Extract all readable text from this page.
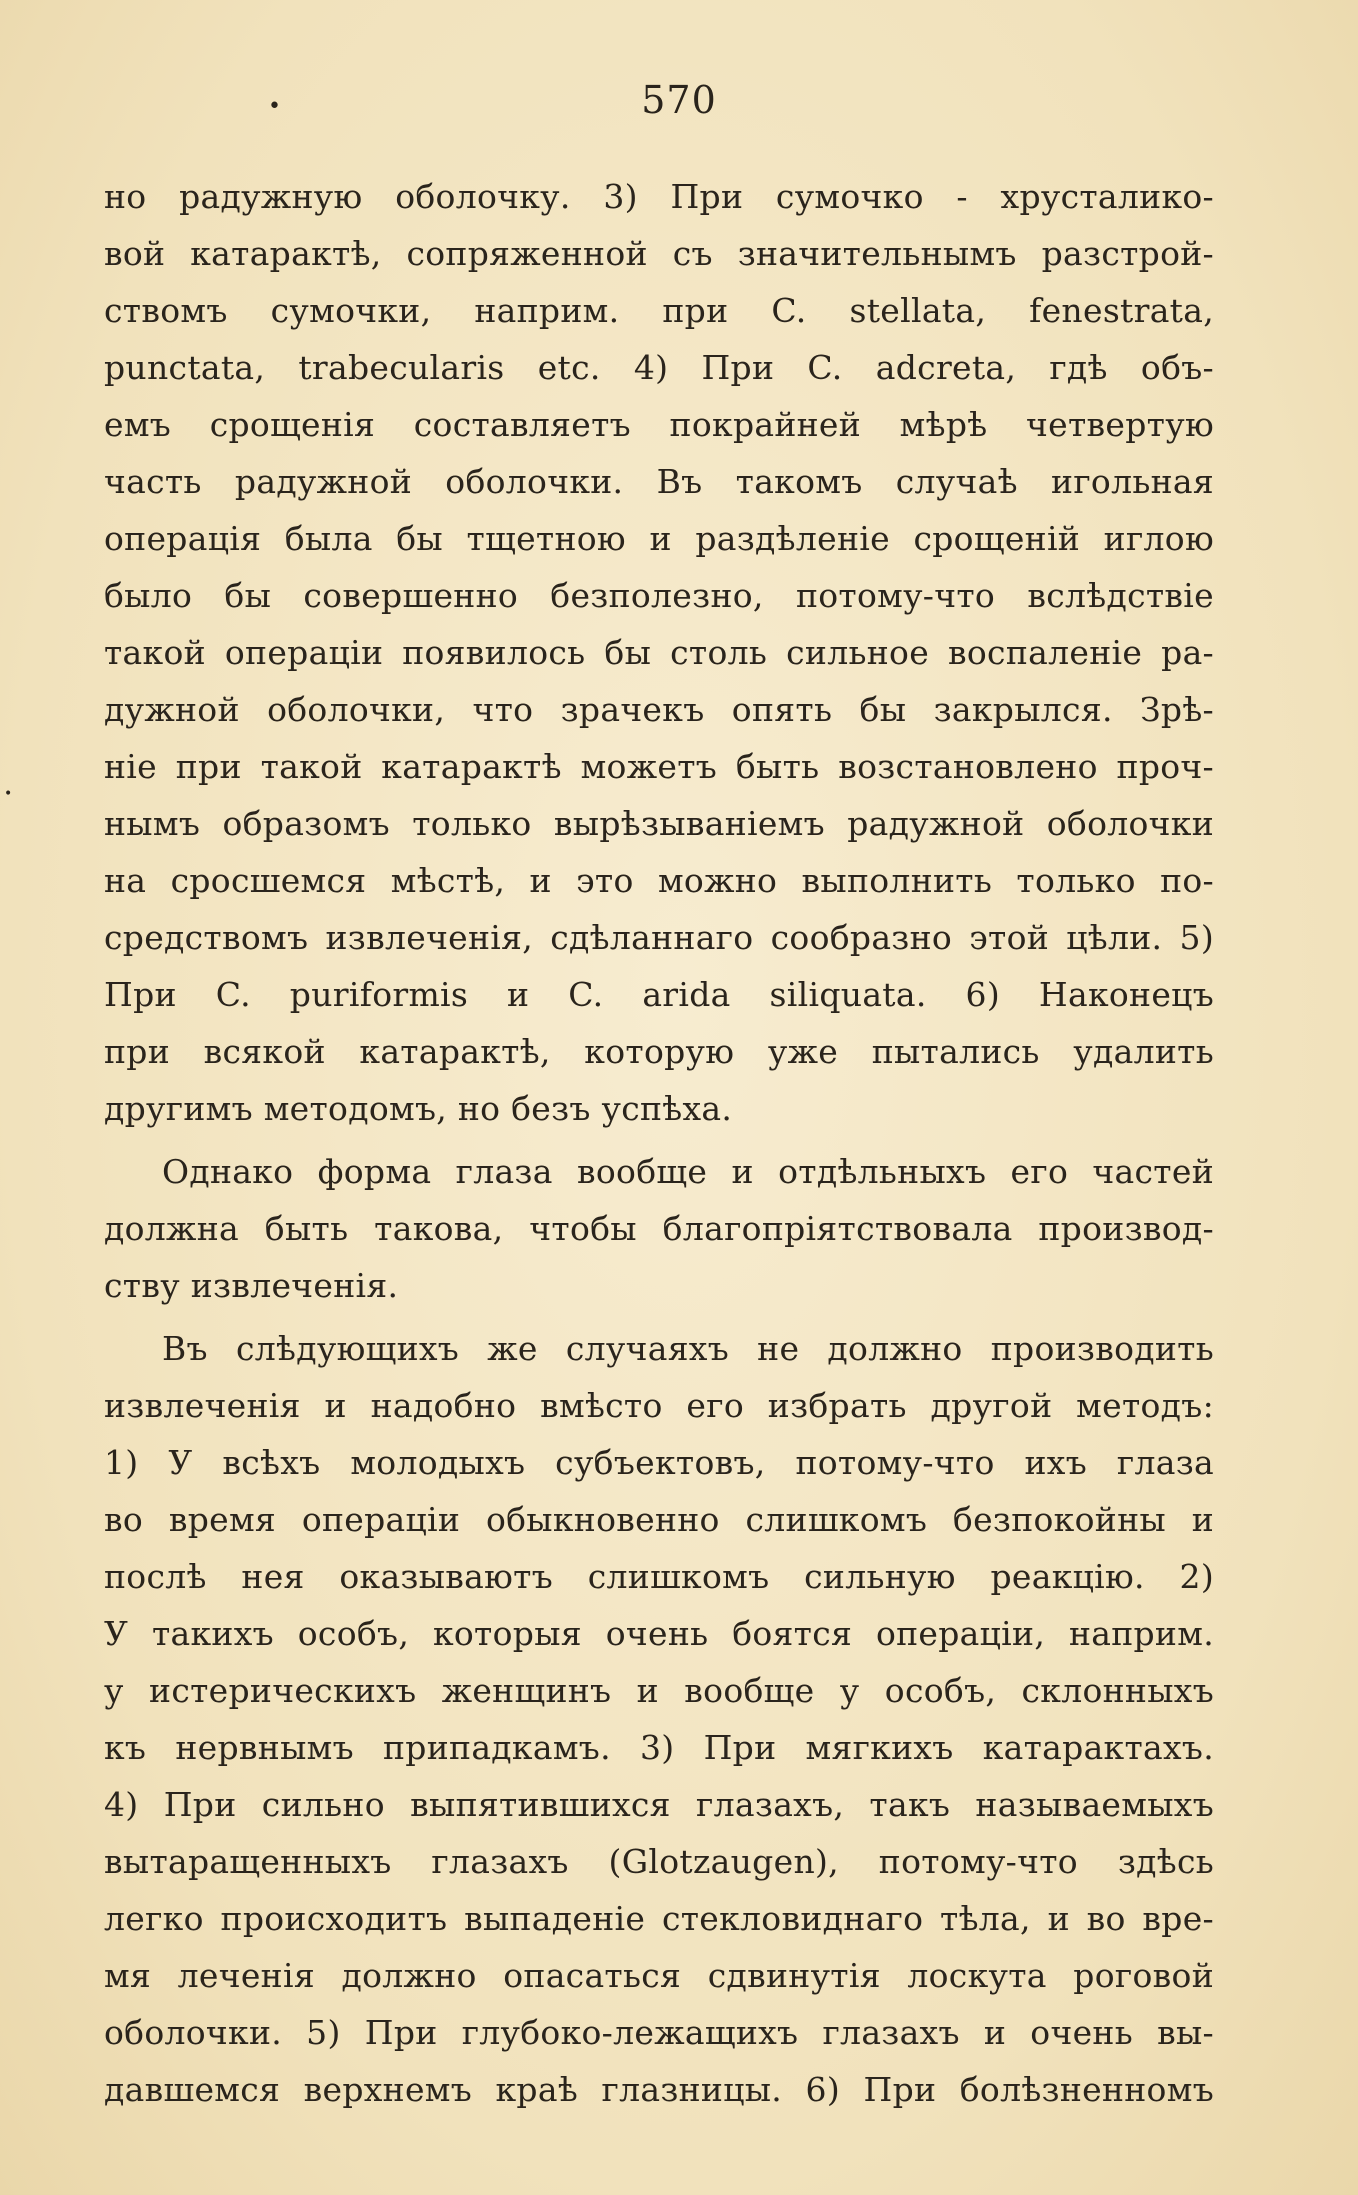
•
•
570
но радужную оболочку. 3) При сумочко - хрусталико-
вой катарактѣ, сопряженной съ значительнымъ разстрой-
ствомъ сумочки, наприм. при C. stellata, fenestrata,
punctata, trabecularis etc. 4) При C. adcreta, гдѣ объ-
емъ срощенія составляетъ покрайней мѣрѣ четвертую
часть радужной оболочки. Въ такомъ случаѣ игольная
операція была бы тщетною и раздѣленіе срощеній иглою
было бы совершенно безполезно, потому-что вслѣдствіе
такой операціи появилось бы столь сильное воспаленіе ра-
дужной оболочки, что зрачекъ опять бы закрылся. Зрѣ-
ніе при такой катарактѣ можетъ быть возстановлено проч-
нымъ образомъ только вырѣзываніемъ радужной оболочки
на сросшемся мѣстѣ, и это можно выполнить только по-
средствомъ извлеченія, сдѣланнаго сообразно этой цѣли. 5)
При C. puriformis и C. arida siliquata. 6) Наконецъ
при всякой катарактѣ, которую уже пытались удалить
другимъ методомъ, но безъ успѣха.
Однако форма глаза вообще и отдѣльныхъ его частей
должна быть такова, чтобы благопріятствовала производ-
ству извлеченія.
Въ слѣдующихъ же случаяхъ не должно производить
извлеченія и надобно вмѣсто его избрать другой методъ:
1) У всѣхъ молодыхъ субъектовъ, потому-что ихъ глаза
во время операціи обыкновенно слишкомъ безпокойны и
послѣ нея оказываютъ слишкомъ сильную реакцію. 2)
У такихъ особъ, которыя очень боятся операціи, наприм.
у истерическихъ женщинъ и вообще у особъ, склонныхъ
къ нервнымъ припадкамъ. 3) При мягкихъ катарактахъ.
4) При сильно выпятившихся глазахъ, такъ называемыхъ
вытаращенныхъ глазахъ (Glotzaugen), потому-что здѣсь
легко происходитъ выпаденіе стекловиднаго тѣла, и во вре-
мя леченія должно опасаться сдвинутія лоскута роговой
оболочки. 5) При глубоко-лежащихъ глазахъ и очень вы-
давшемся верхнемъ краѣ глазницы. 6) При болѣзненномъ
